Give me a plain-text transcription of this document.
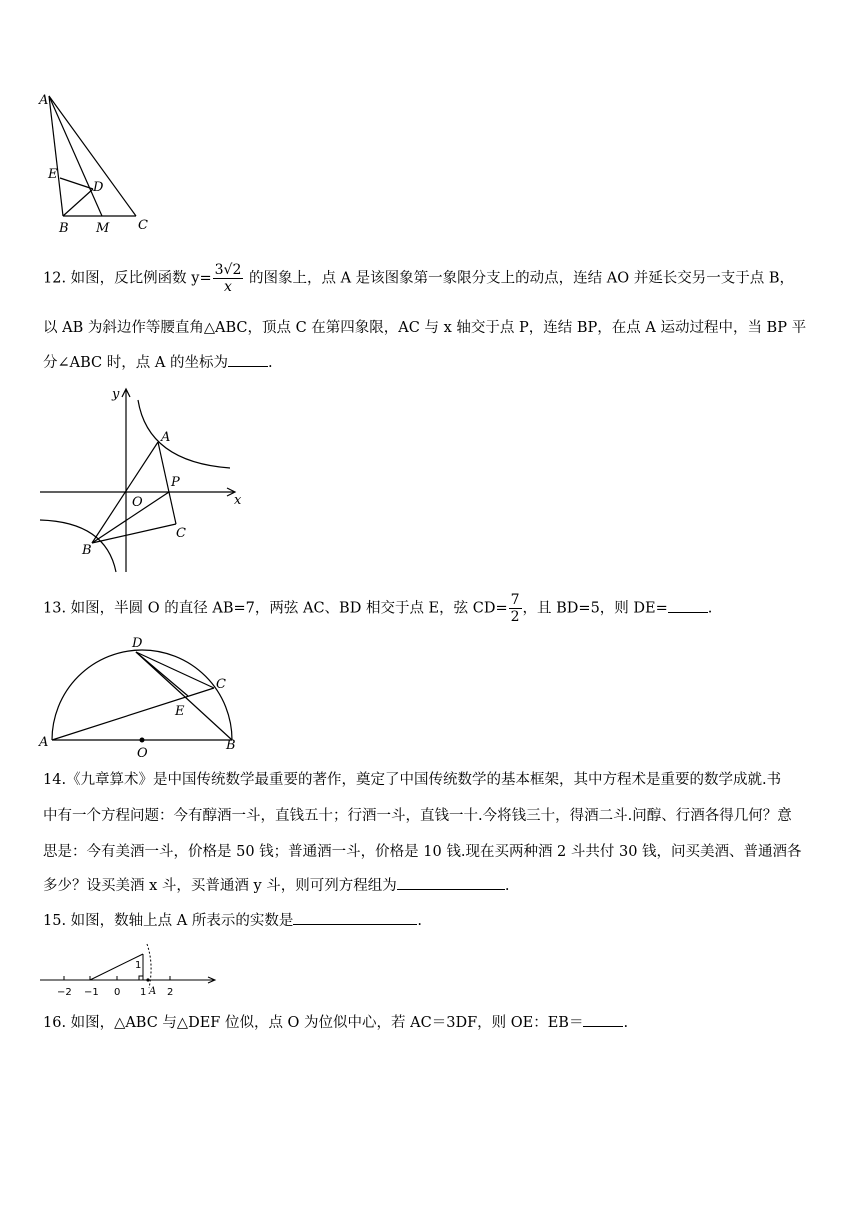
A
E
D
B M C
12. 如图，反比例函数 $y= \frac{3√2}{x}$ 的图象上，点 A 是该图象第一象限分支上的动点，连结 AO 并延长交另一支于点 B，
以 AB 为斜边作等腰直角△ABC，顶点 C 在第四象限，AC 与 x 轴交于点 P，连结 BP，在点 A 运动过程中，当 BP 平
分∠ABC 时，点 A 的坐标为	.
y
x
A
O
P
B
C
13. 如图，半圆 O 的直径 AB=7，两弦 AC、BD 相交于点 E，弦 $CD= \frac{7}{2}$ ，且 BD=5，则 DE=	.
D
C
E
A
O
B
14.《九章算术》是中国传统数学最重要的著作，奠定了中国传统数学的基本框架，其中方程术是重要的数学成就.书
中有一个方程问题：今有醇酒一斗，直钱五十；行酒一斗，直钱一十.今将钱三十，得酒二斗.问醇、行酒各得几何？意
思是：今有美酒一斗，价格是 50 钱；普通酒一斗，价格是 10 钱.现在买两种酒 2 斗共付 30 钱，问买美酒、普通酒各
多少？设买美酒 x 斗，买普通酒 y 斗，则可列方程组为	.
15. 如图，数轴上点 A 所表示的实数是	.
−2 −1 0 1 2
A
1
16. 如图，△ABC 与△DEF 位似，点 O 为位似中心，若 AC＝3DF，则 OE：EB＝	.
